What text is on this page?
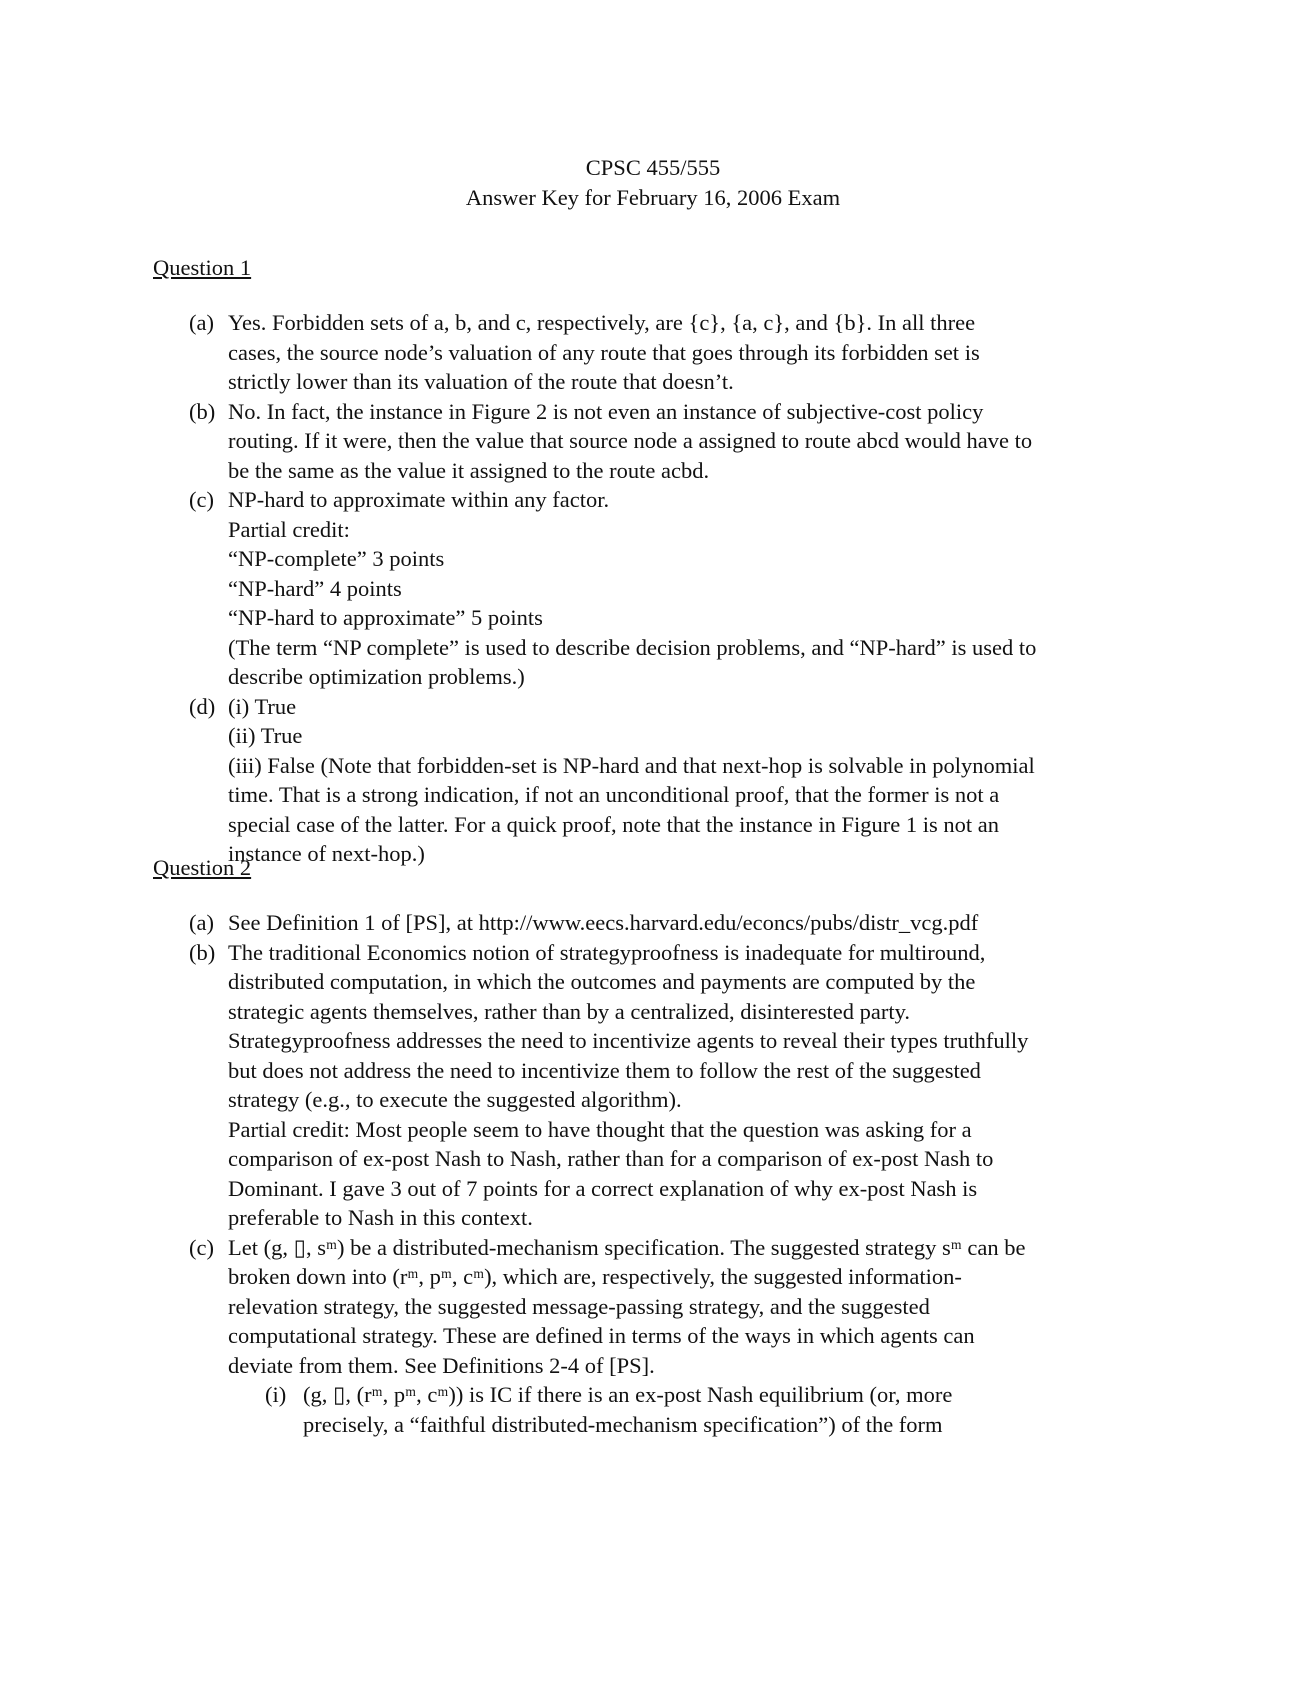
CPSC 455/555
Answer Key for February 16, 2006 Exam
Question 1
(a) Yes. Forbidden sets of a, b, and c, respectively, are {c}, {a, c}, and {b}. In all three
cases, the source node’s valuation of any route that goes through its forbidden set is
strictly lower than its valuation of the route that doesn’t.
(b) No. In fact, the instance in Figure 2 is not even an instance of subjective-cost policy
routing. If it were, then the value that source node a assigned to route abcd would have to
be the same as the value it assigned to the route acbd.
(c) NP-hard to approximate within any factor.
Partial credit:
“NP-complete” 3 points
“NP-hard” 4 points
“NP-hard to approximate” 5 points
(The term “NP complete” is used to describe decision problems, and “NP-hard” is used to
describe optimization problems.)
(d) (i) True
(ii) True
(iii) False (Note that forbidden-set is NP-hard and that next-hop is solvable in polynomial
time. That is a strong indication, if not an unconditional proof, that the former is not a
special case of the latter. For a quick proof, note that the instance in Figure 1 is not an
instance of next-hop.)
Question 2
(a) See Definition 1 of [PS], at http://www.eecs.harvard.edu/econcs/pubs/distr_vcg.pdf
(b) The traditional Economics notion of strategyproofness is inadequate for multiround,
distributed computation, in which the outcomes and payments are computed by the
strategic agents themselves, rather than by a centralized, disinterested party.
Strategyproofness addresses the need to incentivize agents to reveal their types truthfully
but does not address the need to incentivize them to follow the rest of the suggested
strategy (e.g., to execute the suggested algorithm).
Partial credit: Most people seem to have thought that the question was asking for a
comparison of ex-post Nash to Nash, rather than for a comparison of ex-post Nash to
Dominant. I gave 3 out of 7 points for a correct explanation of why ex-post Nash is
preferable to Nash in this context.
(c) Let (g, ▯, sᵐ) be a distributed-mechanism specification. The suggested strategy sᵐ can be
broken down into (rᵐ, pᵐ, cᵐ), which are, respectively, the suggested information-
relevation strategy, the suggested message-passing strategy, and the suggested
computational strategy. These are defined in terms of the ways in which agents can
deviate from them. See Definitions 2-4 of [PS].
(i) (g, ▯, (rᵐ, pᵐ, cᵐ)) is IC if there is an ex-post Nash equilibrium (or, more
precisely, a “faithful distributed-mechanism specification”) of the form
